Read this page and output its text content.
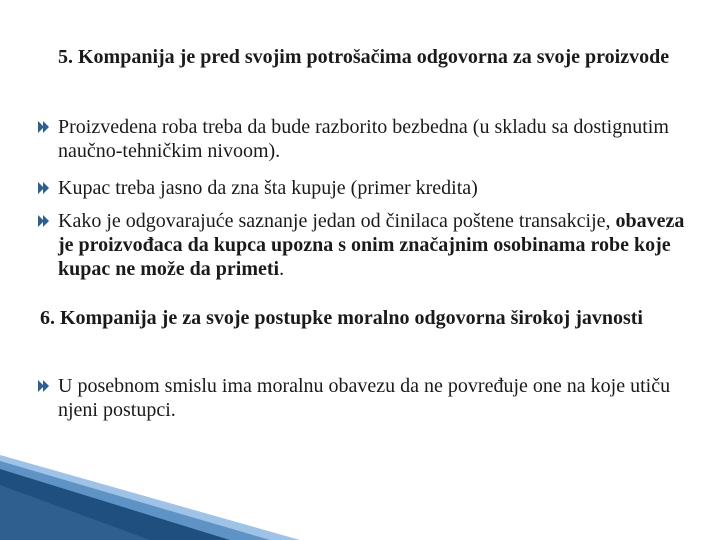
5. Kompanija je pred svojim potrošačima odgovorna za svoje proizvode
Proizvedena roba treba da bude razborito bezbedna (u skladu sa dostignutim naučno-tehničkim nivoom).
Kupac treba jasno da zna šta kupuje (primer kredita)
Kako je odgovarajuće saznanje jedan od činilaca poštene transakcije, obaveza je proizvođaca da kupca upozna s onim značajnim osobinama robe koje kupac ne može da primeti.
6. Kompanija je za svoje postupke moralno odgovorna širokoj javnosti
U posebnom smislu ima moralnu obavezu da ne povređuje one na koje utiču njeni postupci.
